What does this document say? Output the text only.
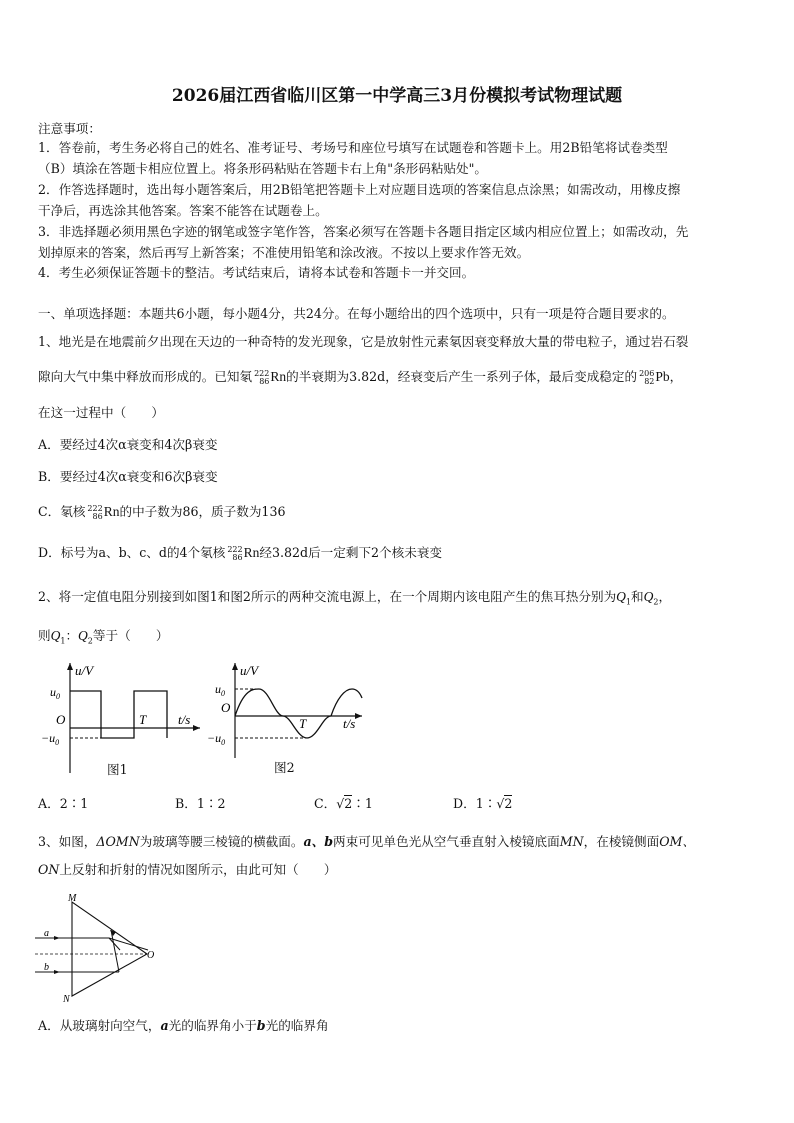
2026届江西省临川区第一中学高三3月份模拟考试物理试题
注意事项：
1．答卷前，考生务必将自己的姓名、准考证号、考场号和座位号填写在试题卷和答题卡上。用2B铅笔将试卷类型
（B）填涂在答题卡相应位置上。将条形码粘贴在答题卡右上角"条形码粘贴处"。
2．作答选择题时，选出每小题答案后，用2B铅笔把答题卡上对应题目选项的答案信息点涂黑；如需改动，用橡皮擦
干净后，再选涂其他答案。答案不能答在试题卷上。
3．非选择题必须用黑色字迹的钢笔或签字笔作答，答案必须写在答题卡各题目指定区域内相应位置上；如需改动，先
划掉原来的答案，然后再写上新答案；不准使用铅笔和涂改液。不按以上要求作答无效。
4．考生必须保证答题卡的整洁。考试结束后，请将本试卷和答题卡一并交回。
一、单项选择题：本题共6小题，每小题4分，共24分。在每小题给出的四个选项中，只有一项是符合题目要求的。
1、地光是在地震前夕出现在天边的一种奇特的发光现象，它是放射性元素氡因衰变释放大量的带电粒子，通过岩石裂
隙向大气中集中释放而形成的。已知氡 222
86 Rn的半衰期为3.82d，经衰变后产生一系列子体，最后变成稳定的 206
82 Pb，
在这一过程中（　　）
A．要经过4次α衰变和4次β衰变
B．要经过4次α衰变和6次β衰变
C．氡核 222
86 Rn的中子数为86，质子数为136
D．标号为a、b、c、d的4个氡核 222
86 Rn经3.82d后一定剩下2个核未衰变
2、将一定值电阻分别接到如图1和图2所示的两种交流电源上，在一个周期内该电阻产生的焦耳热分别为$Q_1$和$Q_2$，
则$Q_1$：$Q_2$等于（　　）
u/V
$u_0$
$-u_0$
O	T t/s
图1
u/V
$u_0$
$-u_0$
O
T	t/s
图2
A．2∶1	B．1∶2	C．√2∶1	D．1∶√2
3、如图，ΔOMN为玻璃等腰三棱镜的横截面。a、b两束可见单色光从空气垂直射入棱镜底面MN，在棱镜侧面OM、
ON上反射和折射的情况如图所示，由此可知（　　）
M
N
O
a
b
A．从玻璃射向空气，a光的临界角小于b光的临界角
